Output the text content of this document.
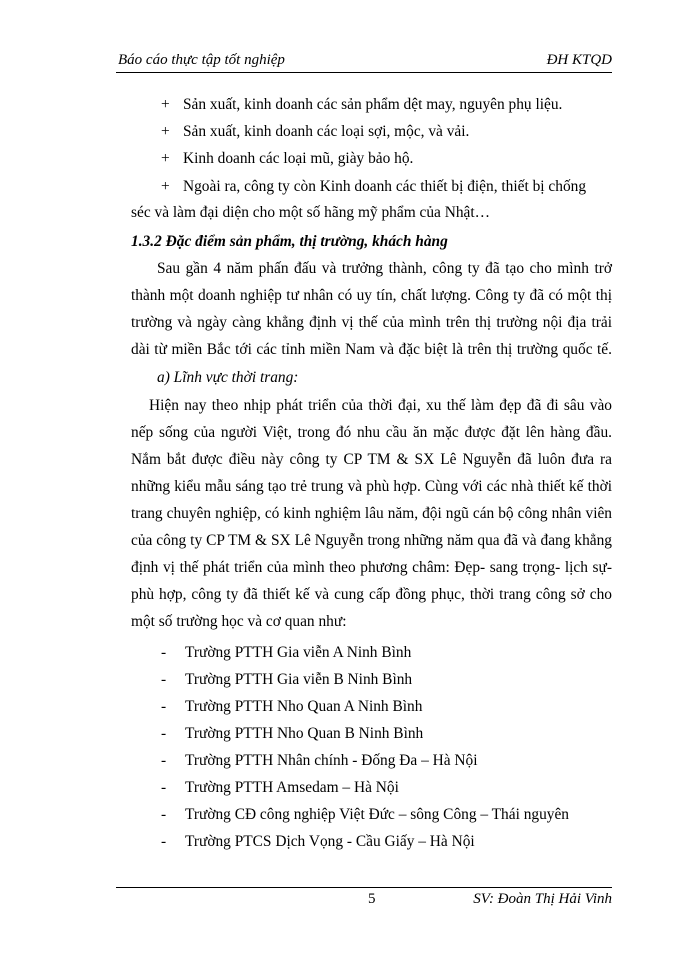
Báo cáo thực tập tốt nghiệp	ĐH KTQD
+ Sản xuất, kinh doanh các sản phẩm dệt may, nguyên phụ liệu.
+ Sản xuất, kinh doanh các loại sợi, mộc, và vải.
+ Kinh doanh các loại mũ, giày bảo hộ.
+ Ngoài ra, công ty còn Kinh doanh các thiết bị điện, thiết bị chống
séc và làm đại diện cho một số hãng mỹ phẩm của Nhật…
1.3.2 Đặc điểm sản phẩm, thị trường, khách hàng
Sau gần 4 năm phấn đấu và trưởng thành, công ty đã tạo cho mình trở
thành một doanh nghiệp tư nhân có uy tín, chất lượng. Công ty đã có một thị
trường và ngày càng khẳng định vị thế của mình trên thị trường nội địa trải
dài từ miền Bắc tới các tỉnh miền Nam và đặc biệt là trên thị trường quốc tế.
a) Lĩnh vực thời trang:
Hiện nay theo nhịp phát triển của thời đại, xu thế làm đẹp đã đi sâu vào
nếp sống của người Việt, trong đó nhu cầu ăn mặc được đặt lên hàng đầu.
Nắm bắt được điều này công ty CP TM & SX Lê Nguyễn đã luôn đưa ra
những kiểu mẫu sáng tạo trẻ trung và phù hợp. Cùng với các nhà thiết kế thời
trang chuyên nghiệp, có kinh nghiệm lâu năm, đội ngũ cán bộ công nhân viên
của công ty CP TM & SX Lê Nguyễn trong những năm qua đã và đang khẳng
định vị thế phát triển của mình theo phương châm: Đẹp- sang trọng- lịch sự-
phù hợp, công ty đã thiết kế và cung cấp đồng phục, thời trang công sở cho
một số trường học và cơ quan như:
- Trường PTTH Gia viễn A Ninh Bình
- Trường PTTH Gia viễn B Ninh Bình
- Trường PTTH Nho Quan A Ninh Bình
- Trường PTTH Nho Quan B Ninh Bình
- Trường PTTH Nhân chính - Đống Đa – Hà Nội
- Trường PTTH Amsedam – Hà Nội
- Trường CĐ công nghiệp Việt Đức – sông Công – Thái nguyên
- Trường PTCS Dịch Vọng - Cầu Giấy – Hà Nội
5	SV: Đoàn Thị Hải Vinh
